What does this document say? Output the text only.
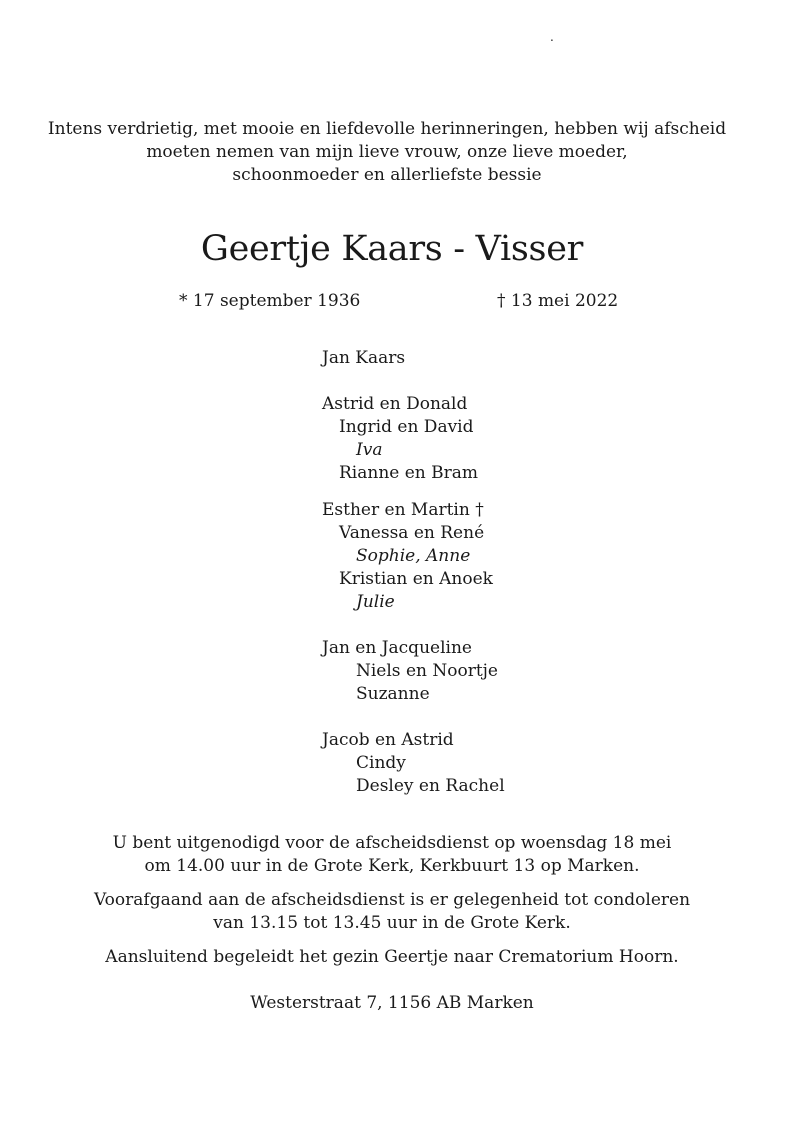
.
Intens verdrietig, met mooie en liefdevolle herinneringen, hebben wij afscheid
moeten nemen van mijn lieve vrouw, onze lieve moeder,
schoonmoeder en allerliefste bessie
Geertje Kaars - Visser
* 17 september 1936	† 13 mei 2022
Jan Kaars
Astrid en Donald
Ingrid en David
Iva
Rianne en Bram
Esther en Martin †
Vanessa en René
Sophie, Anne
Kristian en Anoek
Julie
Jan en Jacqueline
Niels en Noortje
Suzanne
Jacob en Astrid
Cindy
Desley en Rachel
U bent uitgenodigd voor de afscheidsdienst op woensdag 18 mei
om 14.00 uur in de Grote Kerk, Kerkbuurt 13 op Marken.
Voorafgaand aan de afscheidsdienst is er gelegenheid tot condoleren
van 13.15 tot 13.45 uur in de Grote Kerk.
Aansluitend begeleidt het gezin Geertje naar Crematorium Hoorn.
Westerstraat 7, 1156 AB Marken
